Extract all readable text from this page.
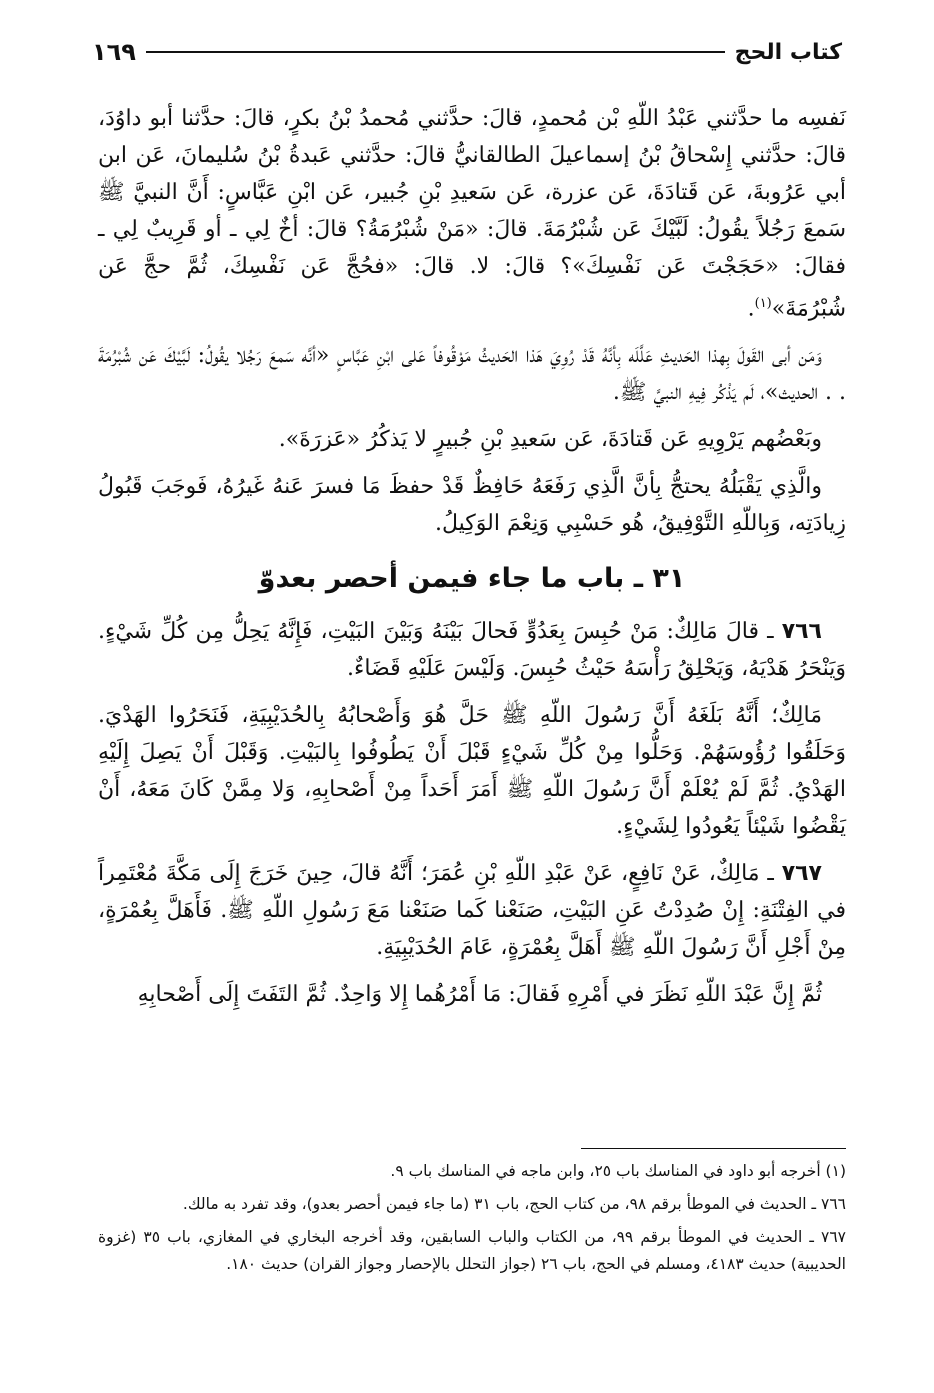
كتاب الحج
١٦٩

نَفسِه ما حدَّثني عَبْدُ اللّهِ بْن مُحمدٍ، قالَ: حدَّثني مُحمدُ بْنُ بكرٍ، قالَ: حدَّثنا أبو داوُدَ، قالَ: حدَّثني إِسْحاقُ بْنُ إسماعيلَ الطالقانيُّ قالَ: حدَّثني عَبدةُ بْنُ سُليمانَ، عَن ابن أبي عَرُوبةَ، عَن قَتادَةَ، عَن عزرة، عَن سَعيدِ بْنِ جُبير، عَن ابْنِ عَبَّاسٍ: أَنَّ النبيَّ ﷺ سَمعَ رَجُلاً يقُولُ: لَبَّيْكَ عَن شُبْرُمَةَ. قالَ: «مَنْ شُبْرُمَةُ؟ قالَ: أخٌ لِي ـ أو قَرِيبٌ لِي ـ فقالَ: «حَجَجْتَ عَن نَفْسِكَ»؟ قالَ: لا. قالَ: «فحُجَّ عَن نَفْسِكَ، ثُمَّ حجَّ عَن شُبْرُمَةَ»$^{(١)}$.

وَمَن أبى القَولَ بِهذا الحَديثِ عَلَّلَه بِأنَّهُ قَدْ رُوِيَ هَذا الحَديثُ مَوْقُوفاً عَلى ابْنِ عَبَّاسٍ «أنَّه سَمعَ رَجُلا يقُولُ: لَبَّيْكَ عَن شُبْرُمَةَ . . الحديث»، لَم يَذْكُر فِيهِ النبيَّ ﷺ.

وبَعْضُهم يَرْوِيهِ عَن قَتادَةَ، عَن سَعيدِ بْنِ جُبيرٍ لا يَذكُرُ «عَزرَةَ».

والَّذِي يَقْبَلُهُ يحتجُّ بِأنَّ الَّذِي رَفَعَهُ حَافِظٌ قَدْ حفظَ مَا فسرَ عَنهُ غَيرُهُ، فَوجَبَ قَبُولُ زِيادَتِه، وَبِاللّهِ التَّوْفِيقُ، هُو حَسْبِي وَنِعْمَ الوَكِيلُ.

٣١ ـ باب ما جاء فيمن أحصر بعدوّ

٧٦٦ ـ قالَ مَالِكٌ: مَنْ حُبِسَ بِعَدُوٍّ فَحالَ بَيْنَهُ وَبَيْنَ البَيْتِ، فَإِنَّهُ يَحِلُّ مِن كُلِّ شَيْءٍ. وَيَنْحَرُ هَدْيَهُ، وَيَحْلِقُ رَأْسَهُ حَيْثُ حُبِسَ. وَلَيْسَ عَلَيْهِ قَضَاءٌ.

مَالِكٌ؛ أَنَّهُ بَلَغَهُ أَنَّ رَسُولَ اللّهِ ﷺ حَلَّ هُوَ وَأَصْحابُهُ بِالحُدَيْبِيَةِ، فَنَحَرُوا الهَدْيَ. وَحَلَقُوا رُؤُوسَهُمْ. وَحَلُّوا مِنْ كُلِّ شَيْءٍ قَبْلَ أَنْ يَطُوفُوا بِالبَيْتِ. وَقَبْلَ أَنْ يَصِلَ إِلَيْهِ الهَدْيُ. ثُمَّ لَمْ يُعْلَمْ أَنَّ رَسُولَ اللّهِ ﷺ أَمَرَ أَحَداً مِنْ أَصْحابِهِ، وَلا مِمَّنْ كَانَ مَعَهُ، أَنْ يَقْضُوا شَيْئاً يَعُودُوا لِشَيْءٍ.

٧٦٧ ـ مَالِكٌ، عَنْ نَافِعٍ، عَنْ عَبْدِ اللّهِ بْنِ عُمَرَ؛ أَنَّهُ قالَ، حِينَ خَرَجَ إِلَى مَكَّةَ مُعْتَمِراً في الفِتْنَةِ: إِنْ صُدِدْتُ عَنِ البَيْتِ، صَنَعْنا كَما صَنَعْنا مَعَ رَسُولِ اللّهِ ﷺ. فَأَهَلَّ بِعُمْرَةٍ، مِنْ أَجْلِ أَنَّ رَسُولَ اللّهِ ﷺ أَهَلَّ بِعُمْرَةٍ، عَامَ الحُدَيْبِيَةِ.

ثُمَّ إِنَّ عَبْدَ اللّهِ نَظَرَ في أَمْرِهِ فَقالَ: مَا أَمْرُهُما إِلا وَاحِدٌ. ثُمَّ التَفَتَ إِلَى أَصْحابِهِ

(١) أخرجه أبو داود في المناسك باب ٢٥، وابن ماجه في المناسك باب ٩.

٧٦٦ ـ الحديث في الموطأ برقم ٩٨، من كتاب الحج، باب ٣١ (ما جاء فيمن أحصر بعدو)، وقد تفرد به مالك.

٧٦٧ ـ الحديث في الموطأ برقم ٩٩، من الكتاب والباب السابقين، وقد أخرجه البخاري في المغازي، باب ٣٥ (غزوة الحديبية) حديث ٤١٨٣، ومسلم في الحج، باب ٢٦ (جواز التحلل بالإحصار وجواز القران) حديث ١٨٠.
